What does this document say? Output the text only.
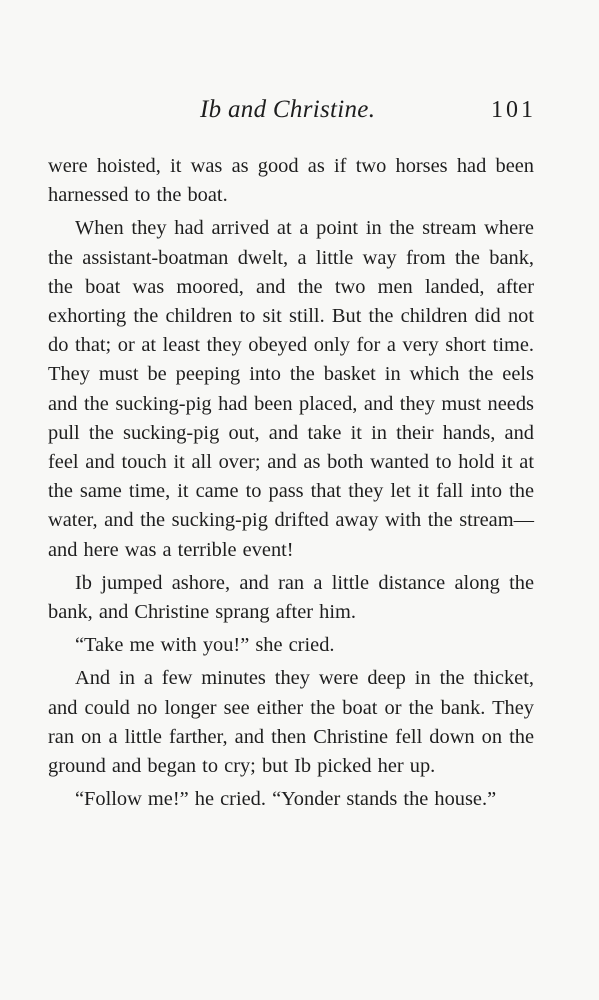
Ib and Christine.	101

were hoisted, it was as good as if two horses had been harnessed to the boat.

When they had arrived at a point in the stream where the assistant-boatman dwelt, a little way from the bank, the boat was moored, and the two men landed, after exhorting the children to sit still. But the children did not do that; or at least they obeyed only for a very short time. They must be peeping into the basket in which the eels and the sucking-pig had been placed, and they must needs pull the sucking-pig out, and take it in their hands, and feel and touch it all over; and as both wanted to hold it at the same time, it came to pass that they let it fall into the water, and the sucking-pig drifted away with the stream—and here was a terrible event!

Ib jumped ashore, and ran a little distance along the bank, and Christine sprang after him.

“Take me with you!” she cried.

And in a few minutes they were deep in the thicket, and could no longer see either the boat or the bank. They ran on a little farther, and then Christine fell down on the ground and began to cry; but Ib picked her up.

“Follow me!” he cried. “Yonder stands the house.”
